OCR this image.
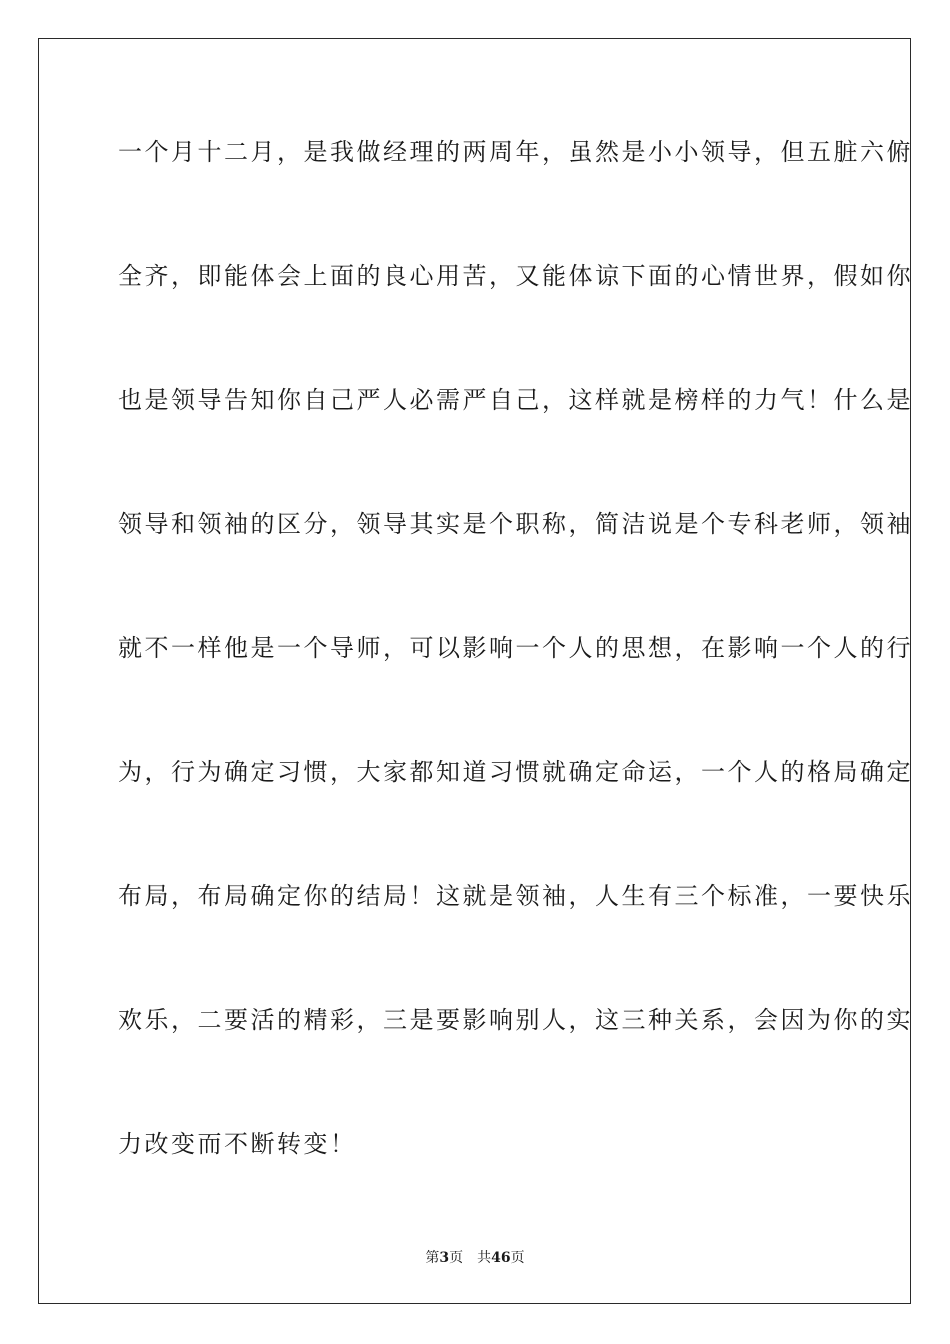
一个月十二月，是我做经理的两周年，虽然是小小领导，但五脏六俯
全齐，即能体会上面的良心用苦，又能体谅下面的心情世界，假如你
也是领导告知你自己严人必需严自己，这样就是榜样的力气！什么是
领导和领袖的区分，领导其实是个职称，简洁说是个专科老师，领袖
就不一样他是一个导师，可以影响一个人的思想，在影响一个人的行
为，行为确定习惯，大家都知道习惯就确定命运，一个人的格局确定
布局，布局确定你的结局！这就是领袖，人生有三个标准，一要快乐
欢乐，二要活的精彩，三是要影响别人，这三种关系，会因为你的实
力改变而不断转变！
第3页 共46页
